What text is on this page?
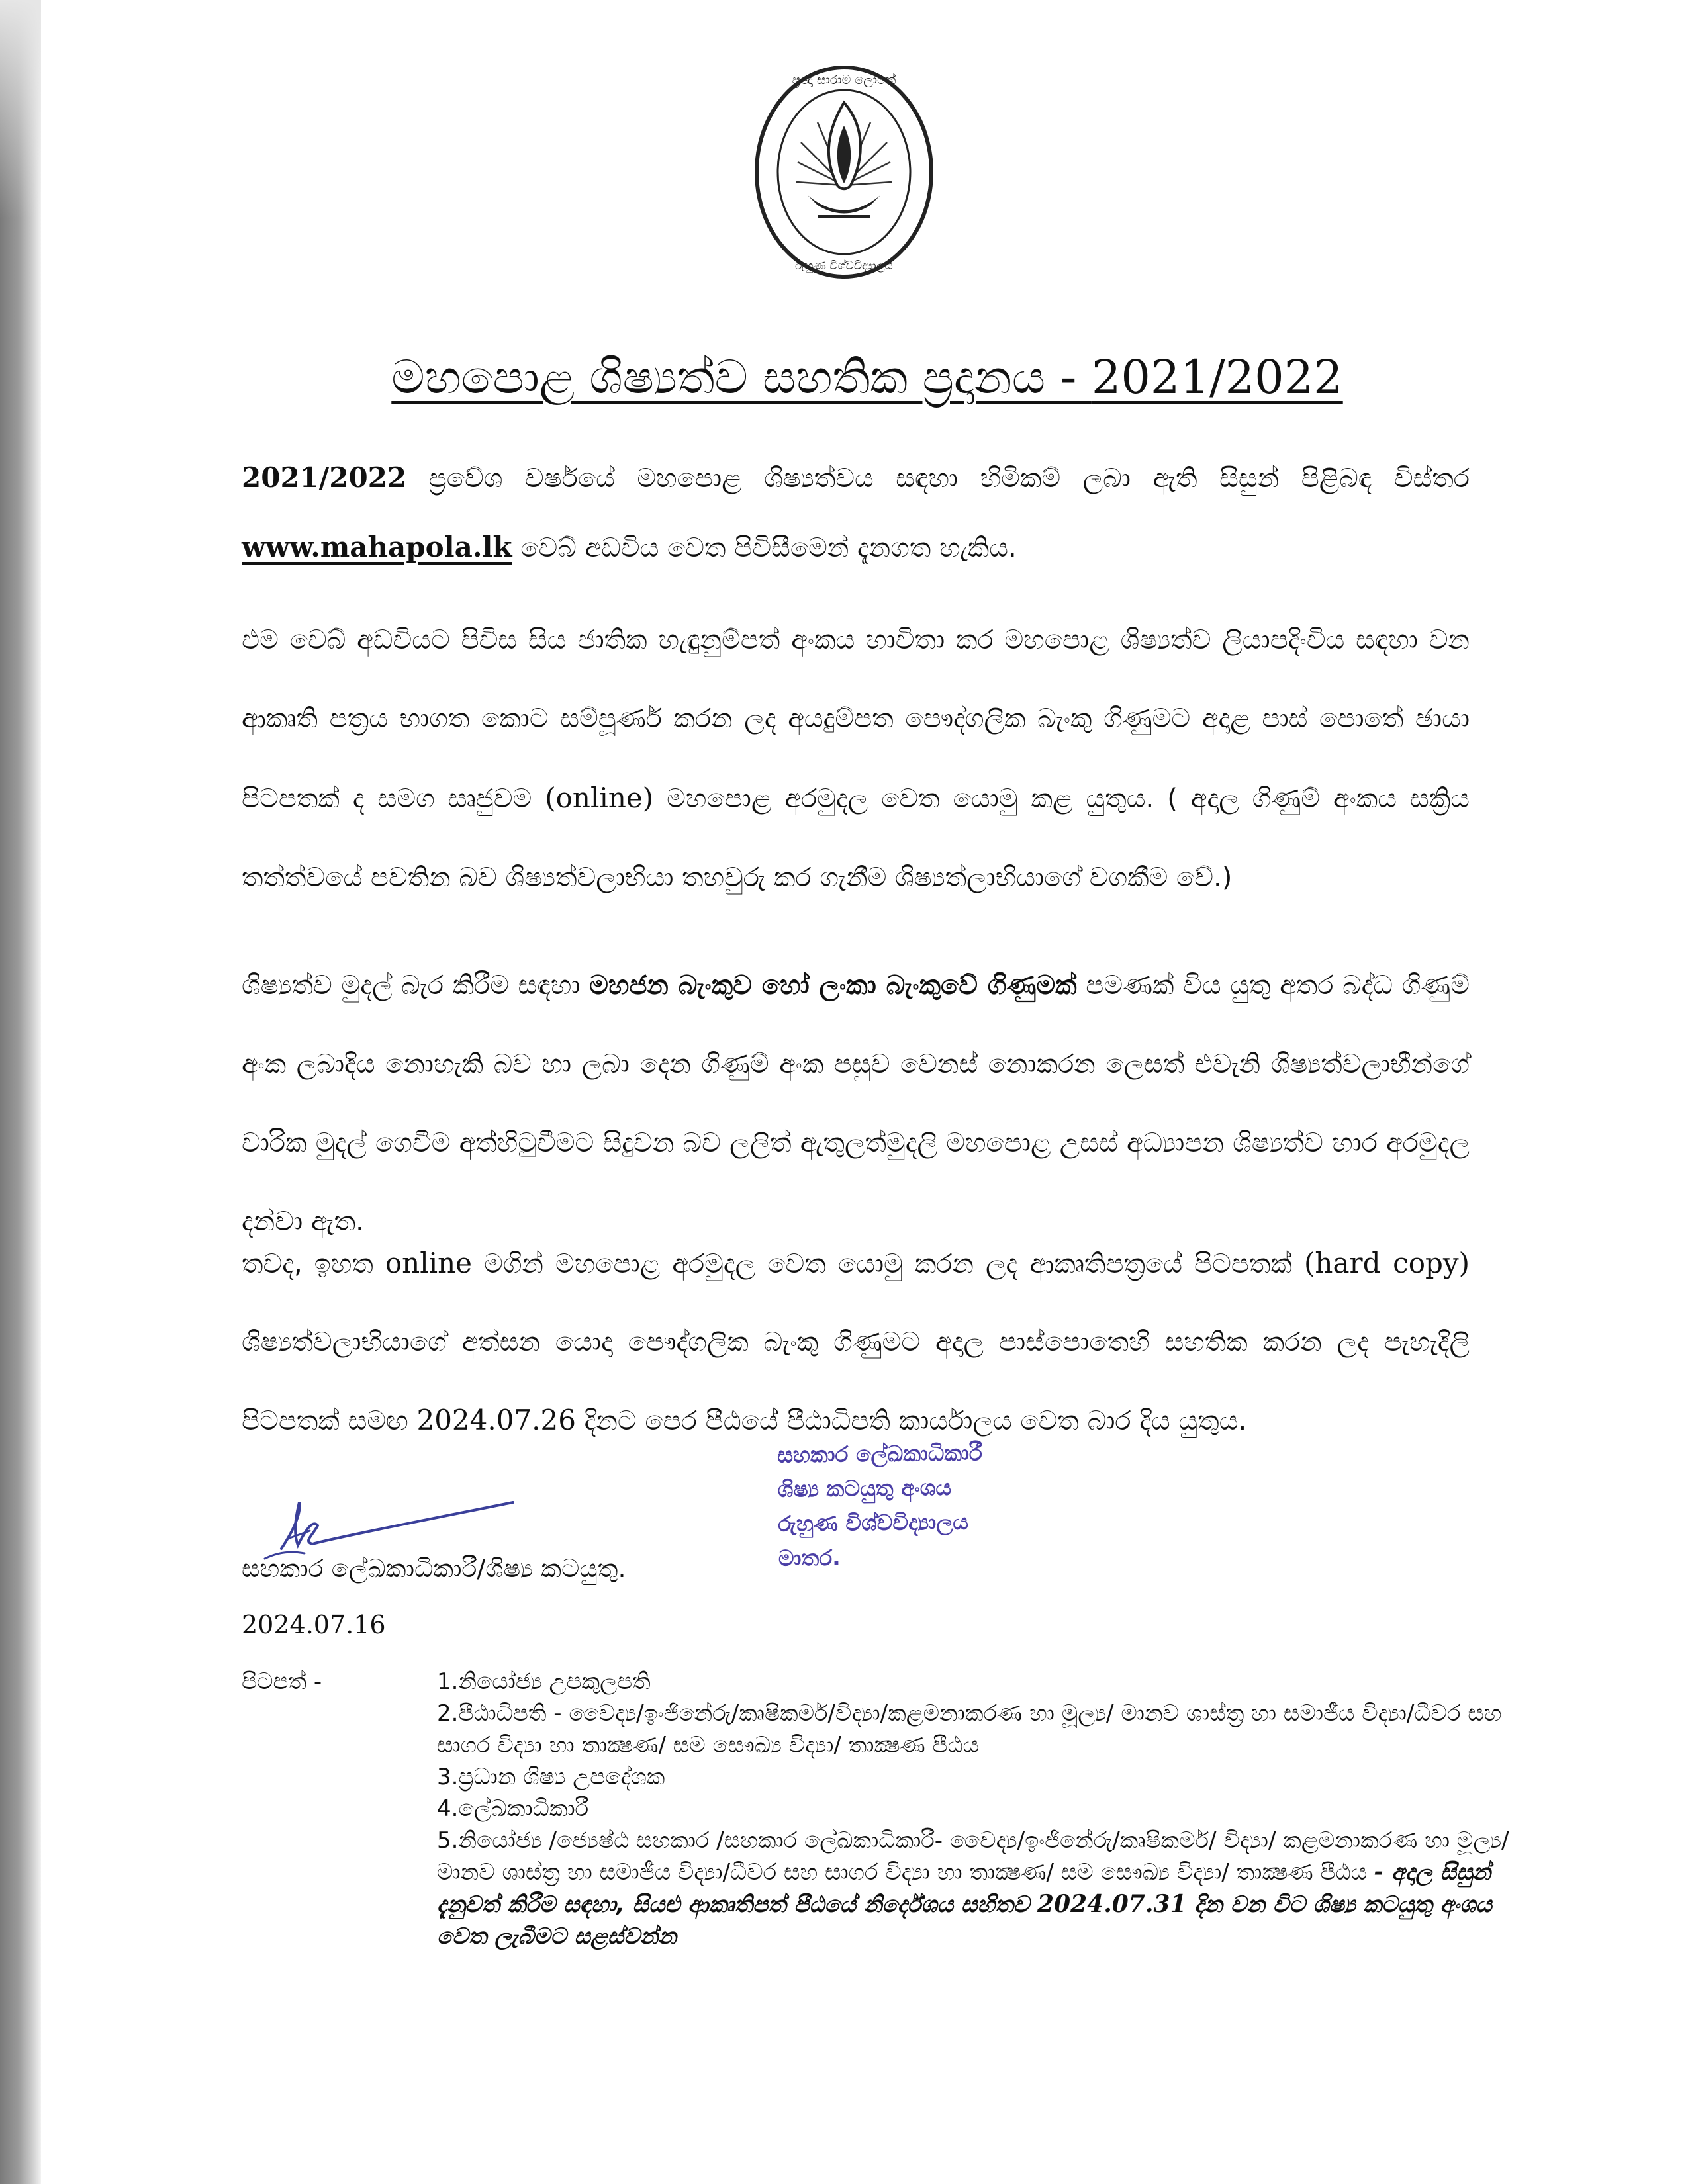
ප්‍රඥා සාරාම ලෝකේ
රුහුණ විශ්වවිද්‍යාලය
මහපොළ ශිෂ්‍යත්ව සහතික ප්‍රදානය - 2021/2022
2021/2022 ප්‍රවේශ වර්ෂයේ මහපොළ ශිෂ්‍යත්වය සඳහා හිමිකම් ලබා ඇති සිසුන් පිළිබඳ විස්තර www.mahapola.lk වෙබ් අඩවිය වෙත පිවිසීමෙන් දැනගත හැකිය.
එම වෙබ් අඩවියට පිවිස සිය ජාතික හැඳුනුම්පත් අංකය භාවිතා කර මහපොළ ශිෂ්‍යත්ව ලියාපදිංචිය සඳහා වන ආකෘති පත්‍රය භාගත කොට සම්පූර්ණ කරන ලද අයදුම්පත පෞද්ගලික බැංකු ගිණුමට අදාළ පාස් පොතේ ඡායා පිටපතක් ද සමග සෘජුවම (online) මහපොළ අරමුදල වෙත යොමු කළ යුතුය. ( අදාල ගිණුම් අංකය සක්‍රිය තත්ත්වයේ පවතින බව ශිෂ්‍යත්වලාභියා තහවුරු කර ගැනීම ශිෂ්‍යත්ලාභියාගේ වගකීම වේ.)
ශිෂ්‍යත්ව මුදල් බැර කිරීම සඳහා මහජන බැංකුව හෝ ලංකා බැංකුවේ ගිණුමක් පමණක් විය යුතු අතර බද්ධ ගිණුම් අංක ලබාදිය නොහැකි බව හා ලබා දෙන ගිණුම් අංක පසුව වෙනස් නොකරන ලෙසත් එවැනි ශිෂ්‍යත්වලාභීන්ගේ වාරික මුදල් ගෙවීම අත්හිටුවීමට සිදුවන බව ලලිත් ඇතුලත්මුදලි මහපොළ උසස් අධ්‍යාපන ශිෂ්‍යත්ව භාර අරමුදල දන්වා ඇත.
තවද, ඉහත online මගින් මහපොළ අරමුදල වෙත යොමු කරන ලද ආකෘතිපත්‍රයේ පිටපතක් (hard copy) ශිෂ්‍යත්වලාභියාගේ අත්සන යොදා පෞද්ගලික බැංකු ගිණුමට අදාල පාස්පොතෙහි සහතික කරන ලද පැහැදිලි පිටපතක් සමඟ 2024.07.26 දිනට පෙර පීඨයේ පීඨාධිපති කාර්යාලය වෙත බාර දිය යුතුය.
සහකාර ලේඛකාධිකාරී
ශිෂ්‍ය කටයුතු අංශය
රුහුණ විශ්වවිද්‍යාලය
මාතර.
සහකාර ලේඛකාධිකාරී/ශිෂ්‍ය කටයුතු.
2024.07.16
පිටපත් -	1.නියෝජ්‍ය උපකුලපති
2.පීඨාධිපති - වෛද්‍ය/ඉංජිනේරු/කෘෂිකර්ම/විද්‍යා/කළමනාකරණ හා මූල්‍ය/ මානව ශාස්ත්‍ර හා සමාජීය විද්‍යා/ධීවර සහ සාගර විද්‍යා හා තාක්‍ෂණ/ සම සෞඛ්‍ය විද්‍යා/ තාක්‍ෂණ පීඨය
3.ප්‍රධාන ශිෂ්‍ය උපදේශක
4.ලේඛකාධිකාරී
5.නියෝජ්‍ය /ජ්‍යෙෂ්ඨ සහකාර /සහකාර ලේඛකාධිකාරී- වෛද්‍ය/ඉංජිනේරු/කෘෂිකර්ම/ විද්‍යා/ කළමනාකරණ හා මූල්‍ය/ මානව ශාස්ත්‍ර හා සමාජීය විද්‍යා/ධීවර සහ සාගර විද්‍යා හා තාක්‍ෂණ/ සම සෞඛ්‍ය විද්‍යා/ තාක්‍ෂණ පීඨය - අදාල සිසුන් දැනුවත් කිරීම සඳහා, සියළු ආකෘතිපත් පීඨයේ නිර්දේශය සහිතව 2024.07.31 දින වන විට ශිෂ්‍ය කටයුතු අංශය වෙත ලැබීමට සළස්වන්න
